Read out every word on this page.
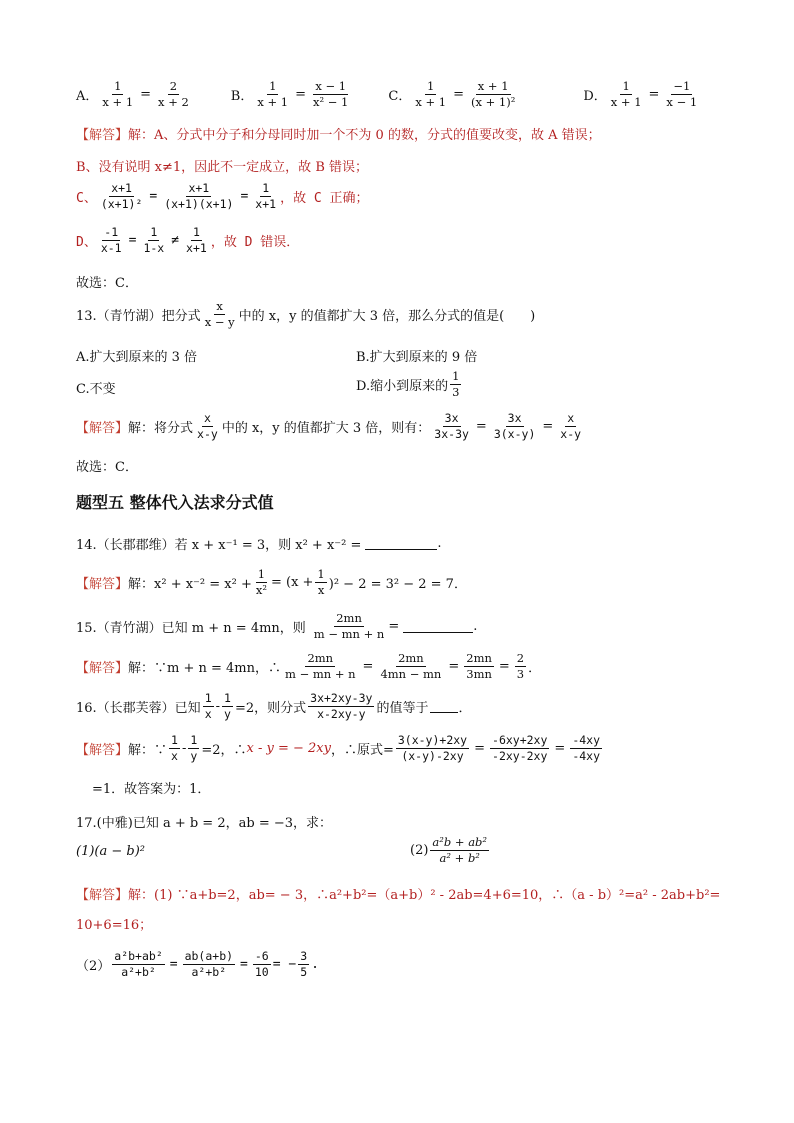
A． $\frac{1}{x + 1} = \frac{2}{x + 2}$	B． $\frac{1}{x + 1} = \frac{x - 1}{\text{x² − 1}}$	C． $\frac{1}{x + 1} = \frac{x + 1}{\text{(x + 1)²}}$	D． $\frac{1}{x + 1} = \frac{-1}{x - 1}$
【解答】 解：A、分式中分子和分母同时加一个不为 0 的数，分式的值要改变，故 A 错误；
B、没有说明 x≠1，因此不一定成立，故 B 错误；
C、 $\frac{x+1}{\text{(x+1)²}} = \frac{x+1}{(x+1)(x+1)} = \frac{1}{x+1}$ ，故 C 正确；
D、 $\frac{-1}{x-1} = \frac{1}{1-x} \ne \frac{1}{x+1}$ ，故 D 错误．
故选：C．
13.（青竹湖）把分式 $\frac{x}{x - y}$ 中的 x，y 的值都扩大 3 倍，那么分式的值是(　　)
A.扩大到原来的 3 倍	B.扩大到原来的 9 倍
C.不变	D.缩小到原来的 $\frac{1}{3}$
【解答】 解：将分式 $\frac{x}{x-y}$ 中的 x，y 的值都扩大 3 倍，则有： $\frac{3x}{3x-3y} = \frac{3x}{3(x-y)} = \frac{x}{x-y}$
故选：C．
题型五 整体代入法求分式值
14.（长郡郡维）若 x + x⁻¹ = 3，则 x² + x⁻² =	.
【解答】 解：$x^2 + x^{-2} = x^2 + \frac{1}{\text{x²}} = (x + \frac{1}{x} )^2 - 2 = 3^2 - 2 = 7$．
15.（青竹湖）已知 m + n = 4mn，则 $\frac{2mn}{m - mn + n}$ =	.
【解答】 解：∵m + n = 4mn，∴ $\frac{2mn}{m - mn + n} = \frac{2mn}{4mn - mn} = \frac{2mn}{3mn} = \frac{2}{3}$ ．
16.（长郡芙蓉）已知 $\frac{1}{x} - \frac{1}{y} =2$，则分式 $\frac{3x+2xy-3y}{x-2xy-y}$ 的值等于 ．
【解答】 解：∵ $\frac{1}{x} - \frac{1}{y} =2$，∴ x - y = − 2xy ，∴原式= $\frac{3(x-y)+2xy}{(x-y)-2xy} = \frac{-6xy+2xy}{-2xy-2xy} = \frac{-4xy}{-4xy}$
=1．故答案为：1．
17.(中雅)已知 a + b = 2，ab = −3，求：
(1)(a − b)²	$(2) \frac{\text{a²b + ab²}}{\text{a² + b²}}$
【解答】 解：(1) ∵a+b=2，ab= − 3，∴a²+b²=（a+b）² - 2ab=4+6=10，∴（a - b）²=a² - 2ab+b²=
10+6=16；
$(2) \frac{\text{a²b+ab²}}{\text{a²+b²}} = \frac{ab(a+b)}{\text{a²+b²}} = \frac{-6}{10}$ = − $\frac{3}{5}$ .
